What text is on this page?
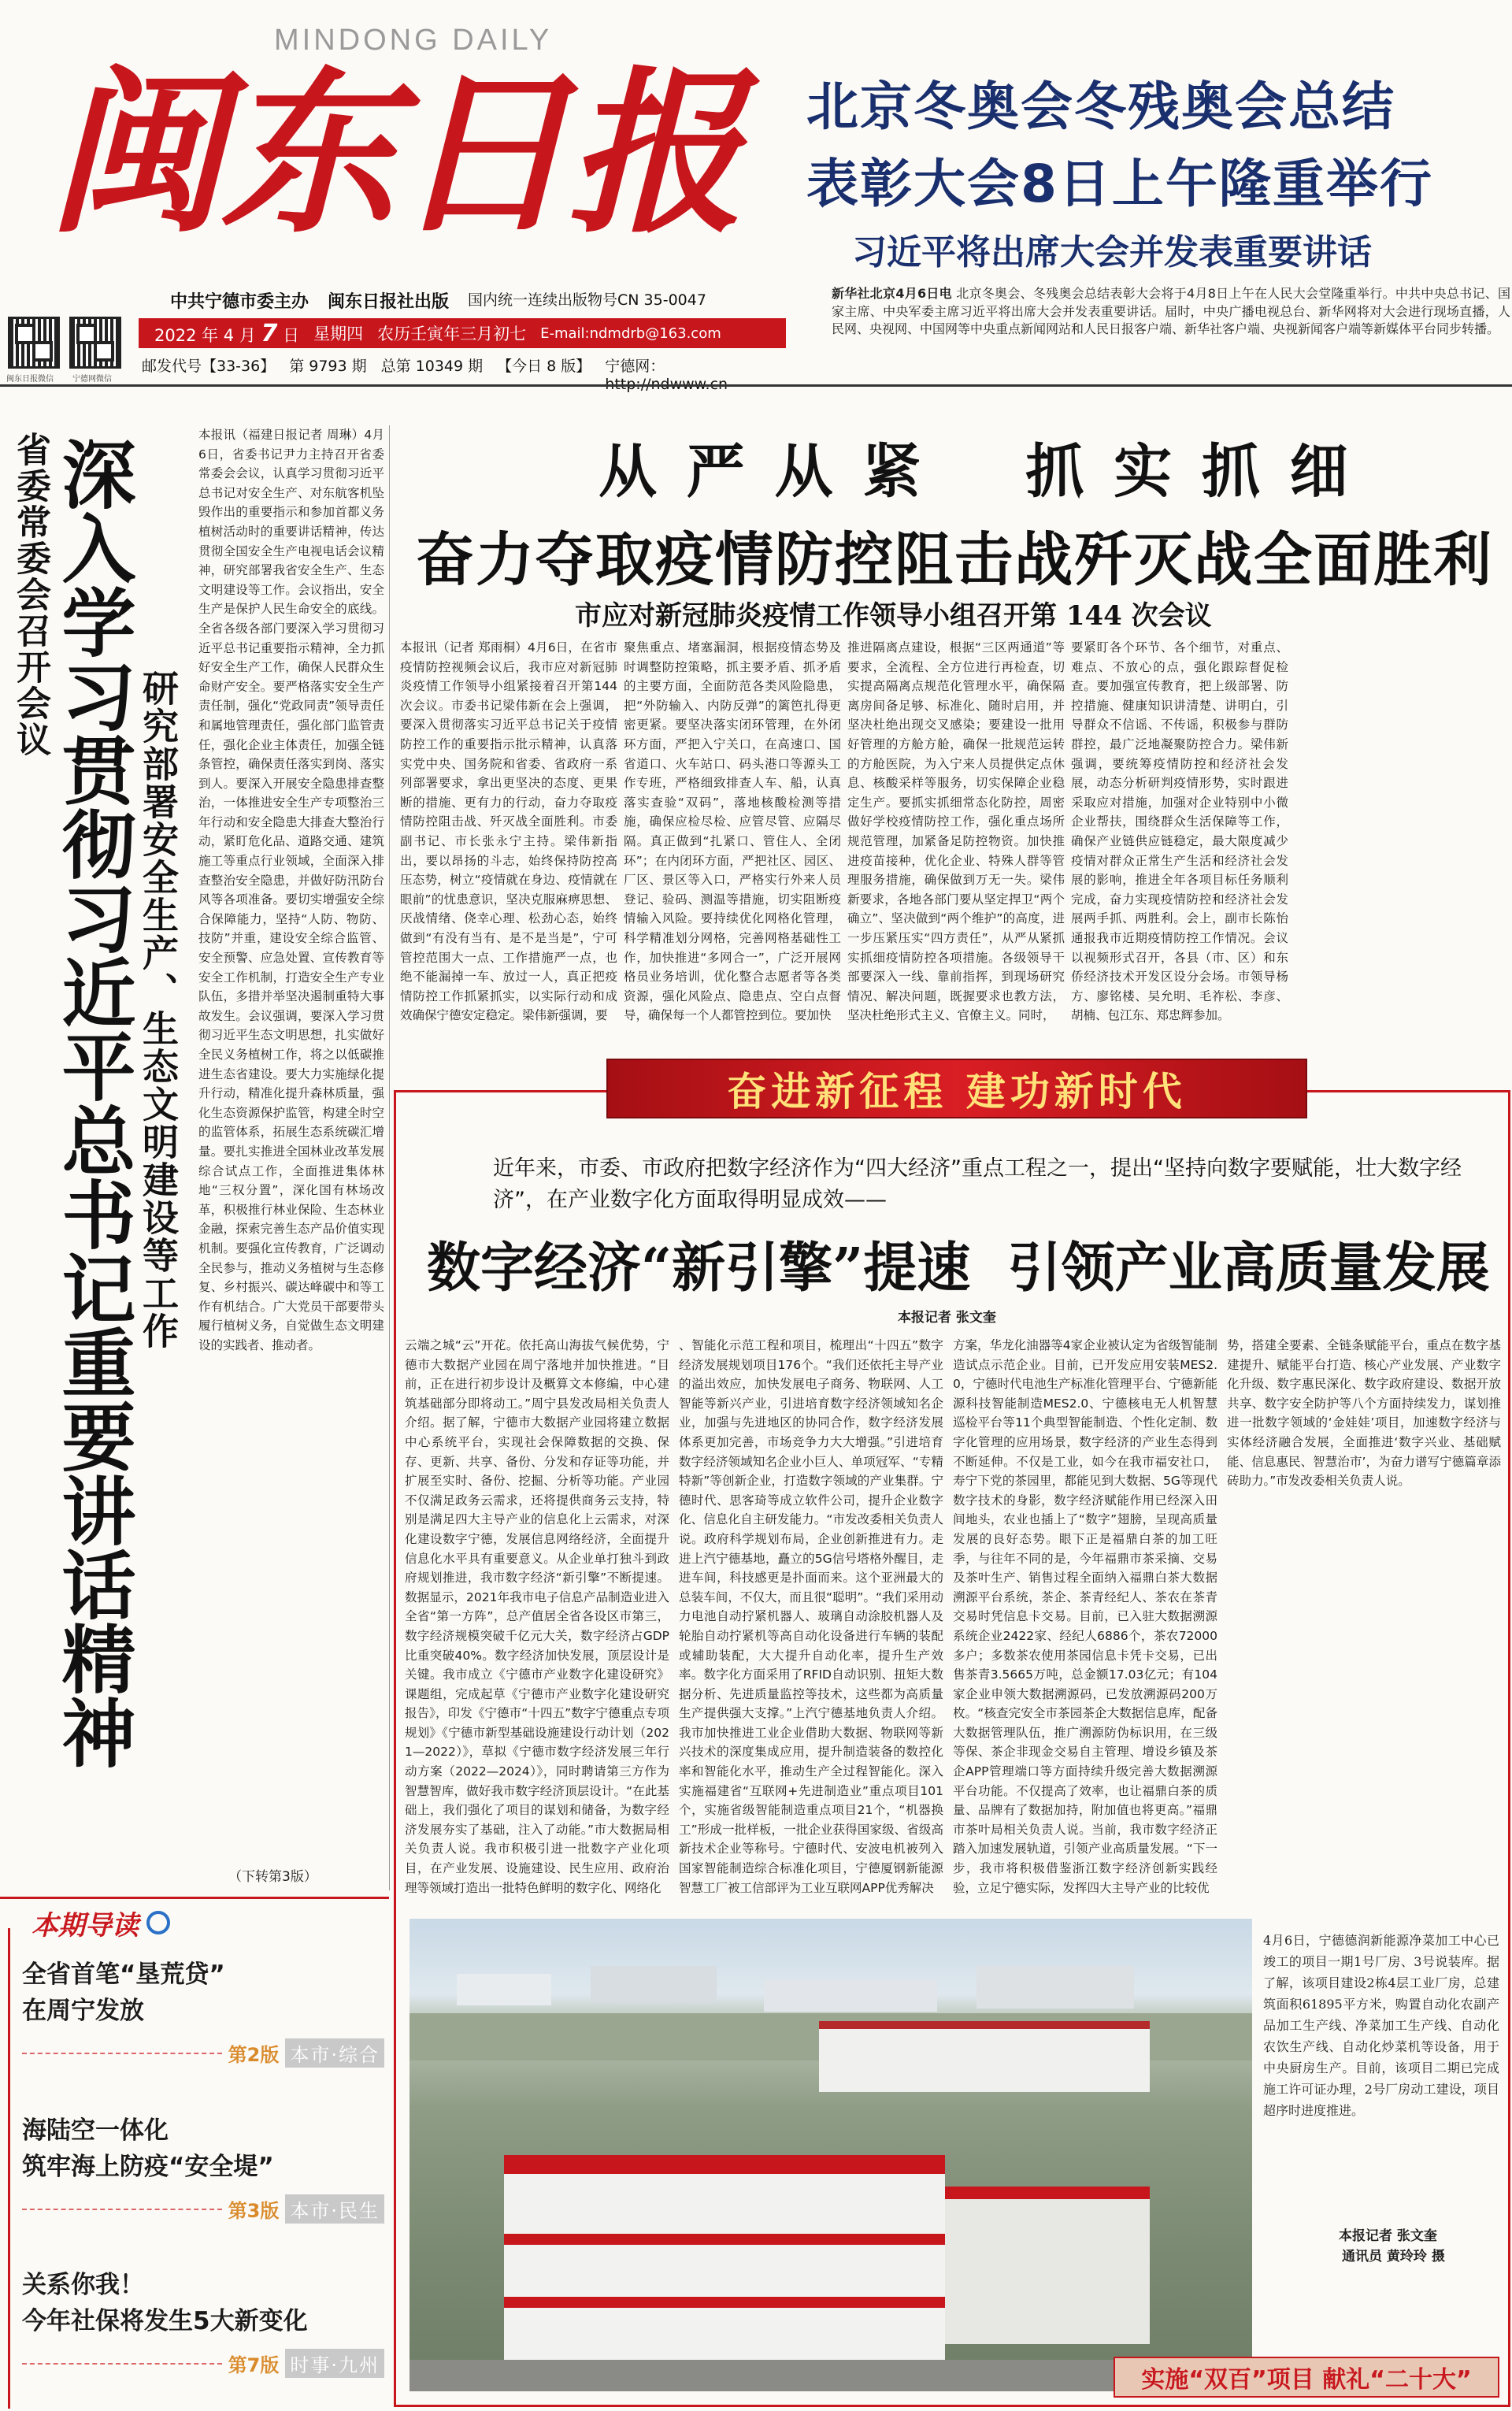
MINDONG DAILY
闽东日报
中共宁德市委主办 闽东日报社出版 国内统一连续出版物号CN 35-0047
闽东日报微信 宁德网微信
2022 年 4 月 7 日 星期四 农历壬寅年三月初七 E-mail:ndmdrb@163.com
邮发代号【33-36】 第 9793 期 总第 10349 期 【今日 8 版】 宁德网：
北京冬奥会冬残奥会总结
表彰大会8日上午隆重举行
习近平将出席大会并发表重要讲话
新华社北京4月6日电 北京冬奥会、冬残奥会总结表彰大会将于4月8日上午在人民大会堂隆重举行。中共中央总书记、国家主席、中央军委主席习近平将出席大会并发表重要讲话。届时，中央广播电视总台、新华网将对大会进行现场直播，人民网、央视网、中国网等中央重点新闻网站和人民日报客户端、新华社客户端、央视新闻客户端等新媒体平台同步转播。
省委常委会召开会议
深入学习贯彻习近平总书记重要讲话精神 研究部署安全生产、生态文明建设等工作
本报讯（福建日报记者 周琳）4月6日，省委书记尹力主持召开省委常委会会议，认真学习贯彻习近平总书记对安全生产、对东航客机坠毁作出的重要指示和参加首都义务植树活动时的重要讲话精神，传达贯彻全国安全生产电视电话会议精神，研究部署我省安全生产、生态文明建设等工作。会议指出，安全生产是保护人民生命安全的底线。全省各级各部门要深入学习贯彻习近平总书记重要指示精神，全力抓好安全生产工作，确保人民群众生命财产安全。要严格落实安全生产责任制，强化“党政同责”领导责任和属地管理责任，强化部门监管责任，强化企业主体责任，加强全链条管控，确保责任落实到岗、落实到人。要深入开展安全隐患排查整治，一体推进安全生产专项整治三年行动和安全隐患大排查大整治行动，紧盯危化品、道路交通、建筑施工等重点行业领域，全面深入排查整治安全隐患，并做好防汛防台风等各项准备。要切实增强安全综合保障能力，坚持“人防、物防、技防”并重，建设安全综合监管、安全预警、应急处置、宣传教育等安全工作机制，打造安全生产专业队伍，多措并举坚决遏制重特大事故发生。会议强调，要深入学习贯彻习近平生态文明思想，扎实做好全民义务植树工作，将之以低碳推进生态省建设。要大力实施绿化提升行动，精准化提升森林质量，强化生态资源保护监管，构建全时空的监管体系，拓展生态系统碳汇增量。要扎实推进全国林业改革发展综合试点工作，全面推进集体林地“三权分置”，深化国有林场改革，积极推行林业保险、生态林业金融，探索完善生态产品价值实现机制。要强化宣传教育，广泛调动全民参与，推动义务植树与生态修复、乡村振兴、碳达峰碳中和等工作有机结合。广大党员干部要带头履行植树义务，自觉做生态文明建设的实践者、推动者。
（下转第3版）
从 严 从 紧    抓 实 抓 细
奋力夺取疫情防控阻击战歼灭战全面胜利
市应对新冠肺炎疫情工作领导小组召开第 144 次会议
本报讯（记者 郑雨桐）4月6日，在省市疫情防控视频会议后，我市应对新冠肺炎疫情工作领导小组紧接着召开第144次会议。市委书记梁伟新在会上强调，要深入贯彻落实习近平总书记关于疫情防控工作的重要指示批示精神，认真落实党中央、国务院和省委、省政府一系列部署要求，拿出更坚决的态度、更果断的措施、更有力的行动，奋力夺取疫情防控阻击战、歼灭战全面胜利。市委副书记、市长张永宁主持。梁伟新指出，要以昂扬的斗志，始终保持防控高压态势，树立“疫情就在身边、疫情就在眼前”的忧患意识，坚决克服麻痹思想、厌战情绪、侥幸心理、松劲心态，始终做到“有没有当有、是不是当是”，宁可管控范围大一点、工作措施严一点，也绝不能漏掉一车、放过一人，真正把疫情防控工作抓紧抓实，以实际行动和成效确保宁德安定稳定。梁伟新强调，要
聚焦重点、堵塞漏洞，根据疫情态势及时调整防控策略，抓主要矛盾、抓矛盾的主要方面，全面防范各类风险隐患，把“外防输入、内防反弹”的篱笆扎得更密更紧。要坚决落实闭环管理，在外闭环方面，严把入宁关口，在高速口、国省道口、火车站口、码头港口等源头工作专班，严格细致排查人车、船，认真落实查验“双码”，落地核酸检测等措施，确保应检尽检、应管尽管、应隔尽隔。真正做到“扎紧口、管住人、全闭环”；在内闭环方面，严把社区、园区、厂区、景区等入口，严格实行外来人员登记、验码、测温等措施，切实阻断疫情输入风险。要持续优化网格化管理，科学精准划分网格，完善网格基础性工作，加快推进“多网合一”，广泛开展网格员业务培训，优化整合志愿者等各类资源，强化风险点、隐患点、空白点督导，确保每一个人都管控到位。要加快
推进隔离点建设，根据“三区两通道”等要求，全流程、全方位进行再检查，切实提高隔离点规范化管理水平，确保隔离房间备足够、标准化、随时启用，并坚决杜绝出现交叉感染；要建设一批用好管理的方舱方舱，确保一批规范运转的方舱医院，为入宁来人员提供定点休息、核酸采样等服务，切实保障企业稳定生产。要抓实抓细常态化防控，周密做好学校疫情防控工作，强化重点场所规范管理，加紧备足防控物资。加快推进疫苗接种，优化企业、特殊人群等管理服务措施，确保做到万无一失。梁伟新要求，各地各部门要从坚定捍卫“两个确立”、坚决做到“两个维护”的高度，进一步压紧压实“四方责任”，从严从紧抓实抓细疫情防控各项措施。各级领导干部要深入一线、靠前指挥，到现场研究情况、解决问题，既握要求也教方法，坚决杜绝形式主义、官僚主义。同时，
要紧盯各个环节、各个细节，对重点、难点、不放心的点，强化跟踪督促检查。要加强宣传教育，把上级部署、防控措施、健康知识讲清楚、讲明白，引导群众不信谣、不传谣，积极参与群防群控，最广泛地凝聚防控合力。梁伟新强调，要统筹疫情防控和经济社会发展，动态分析研判疫情形势，实时跟进采取应对措施，加强对企业特别中小微企业帮扶，围绕群众生活保障等工作，确保产业链供应链稳定，最大限度减少疫情对群众正常生产生活和经济社会发展的影响，推进全年各项目标任务顺利完成，奋力实现疫情防控和经济社会发展两手抓、两胜利。会上，副市长陈怡通报我市近期疫情防控工作情况。会议以视频形式召开，各县（市、区）和东侨经济技术开发区设分会场。市领导杨方、廖铭楼、吴允明、毛祚松、李彦、胡楠、包江东、郑忠辉参加。
奋进新征程 建功新时代
近年来，市委、市政府把数字经济作为“四大经济”重点工程之一，提出“坚持向数字要赋能，壮大数字经济”，在产业数字化方面取得明显成效——
数字经济“新引擎”提速  引领产业高质量发展
本报记者 张文奎
云端之城“云”开花。依托高山海拔气候优势，宁德市大数据产业园在周宁落地并加快推进。“目前，正在进行初步设计及概算文本修编，中心建筑基础部分即将动工。”周宁县发改局相关负责人介绍。据了解，宁德市大数据产业园将建立数据中心系统平台，实现社会保障数据的交换、保存、更新、共享、备份、分发和存证等功能，并扩展至实时、备份、挖掘、分析等功能。产业园不仅满足政务云需求，还将提供商务云支持，特别是满足四大主导产业的信息化上云需求，对深化建设数字宁德，发展信息网络经济，全面提升信息化水平具有重要意义。从企业单打独斗到政府规划推进，我市数字经济“新引擎”不断提速。数据显示，2021年我市电子信息产品制造业进入全省“第一方阵”，总产值居全省各设区市第三，数字经济规模突破千亿元大关，数字经济占GDP比重突破40%。数字经济加快发展，顶层设计是关键。我市成立《宁德市产业数字化建设研究》课题组，完成起草《宁德市产业数字化建设研究报告》，印发《宁德市“十四五”数字宁德重点专项规划》《宁德市新型基础设施建设行动计划（2021—2022）》，草拟《宁德市数字经济发展三年行动方案（2022—2024）》，同时聘请第三方作为智慧智库，做好我市数字经济顶层设计。“在此基础上，我们强化了项目的谋划和储备，为数字经济发展夯实了基础，注入了动能。”市大数据局相关负责人说。我市积极引进一批数字产业化项目，在产业发展、设施建设、民生应用、政府治理等领域打造出一批特色鲜明的数字化、网络化
、智能化示范工程和项目，梳理出“十四五”数字经济发展规划项目176个。“我们还依托主导产业的溢出效应，加快发展电子商务、物联网、人工智能等新兴产业，引进培育数字经济领域知名企业，加强与先进地区的协同合作，数字经济发展体系更加完善，市场竞争力大大增强。”引进培育数字经济领域知名企业小巨人、单项冠军、“专精特新”等创新企业，打造数字领域的产业集群。宁德时代、思客琦等成立软件公司，提升企业数字化、信息化自主研发能力。“市发改委相关负责人说。政府科学规划布局，企业创新推进有力。走进上汽宁德基地，矗立的5G信号塔格外醒目，走进车间，科技感更是扑面而来。这个亚洲最大的总装车间，不仅大，而且很“聪明”。“我们采用动力电池自动拧紧机器人、玻璃自动涂胶机器人及轮胎自动拧紧机等高自动化设备进行车辆的装配或辅助装配，大大提升自动化率，提升生产效率。数字化方面采用了RFID自动识别、扭矩大数据分析、先进质量监控等技术，这些都为高质量生产提供强大支撑。”上汽宁德基地负责人介绍。我市加快推进工业企业借助大数据、物联网等新兴技术的深度集成应用，提升制造装备的数控化率和智能化水平，推动生产全过程智能化。深入实施福建省“互联网+先进制造业”重点项目101个，实施省级智能制造重点项目21个，“机器换工”形成一批样板，一批企业获得国家级、省级高新技术企业等称号。宁德时代、安波电机被列入国家智能制造综合标准化项目，宁德厦钢新能源智慧工厂被工信部评为工业互联网APP优秀解决
方案，华龙化油器等4家企业被认定为省级智能制造试点示范企业。目前，已开发应用安装MES2.0，宁德时代电池生产标准化管理平台、宁德新能源科技智能制造MES2.0、宁德核电无人机智慧巡检平台等11个典型智能制造、个性化定制、数字化管理的应用场景，数字经济的产业生态得到不断延伸。不仅是工业，如今在我市福安社口，寿宁下党的茶园里，都能见到大数据、5G等现代数字技术的身影，数字经济赋能作用已经深入田间地头，农业也插上了“数字”翅膀，呈现高质量发展的良好态势。眼下正是福鼎白茶的加工旺季，与往年不同的是，今年福鼎市茶采摘、交易及茶叶生产、销售过程全面纳入福鼎白茶大数据溯源平台系统，茶企、茶青经纪人、茶农在茶青交易时凭信息卡交易。目前，已入驻大数据溯源系统企业2422家、经纪人6886个，茶农72000多户；多数茶农使用茶园信息卡凭卡交易，已出售茶青3.5665万吨，总金额17.03亿元；有104家企业申领大数据溯源码，已发放溯源码200万枚。“核查完安全市茶园茶企大数据信息库，配备大数据管理队伍，推广溯源防伪标识用，在三级等保、茶企非现金交易自主管理、增设乡镇及茶企APP管理端口等方面持续升级完善大数据溯源平台功能。不仅提高了效率，也让福鼎白茶的质量、品牌有了数据加持，附加值也将更高。”福鼎市茶叶局相关负责人说。当前，我市数字经济正踏入加速发展轨道，引领产业高质量发展。“下一步，我市将积极借鉴浙江数字经济创新实践经验，立足宁德实际，发挥四大主导产业的比较优
势，搭建全要素、全链条赋能平台，重点在数字基建提升、赋能平台打造、核心产业发展、产业数字化升级、数字惠民深化、数字政府建设、数据开放共享、数字安全防护等八个方面持续发力，谋划推进一批数字领域的‘金娃娃’项目，加速数字经济与实体经济融合发展，全面推进‘数字兴业、基础赋能、信息惠民、智慧治市’，为奋力谱写宁德篇章添砖助力。”市发改委相关负责人说。
4月6日，宁德德润新能源净菜加工中心已竣工的项目一期1号厂房、3号说装库。据了解，该项目建设2栋4层工业厂房，总建筑面积61895平方米，购置自动化农副产品加工生产线、净菜加工生产线、自动化农饮生产线、自动化炒菜机等设备，用于中央厨房生产。目前，该项目二期已完成施工许可证办理，2号厂房动工建设，项目超序时进度推进。
本报记者 张文奎
通讯员 黄玲玲 摄
实施“双百”项目 献礼“二十大”
本期导读
全省首笔“垦荒贷”
在周宁发放
第2版 本市·综合
海陆空一体化
筑牢海上防疫“安全堤”
第3版 本市·民生
关系你我！
今年社保将发生5大新变化
第7版 时事·九州
